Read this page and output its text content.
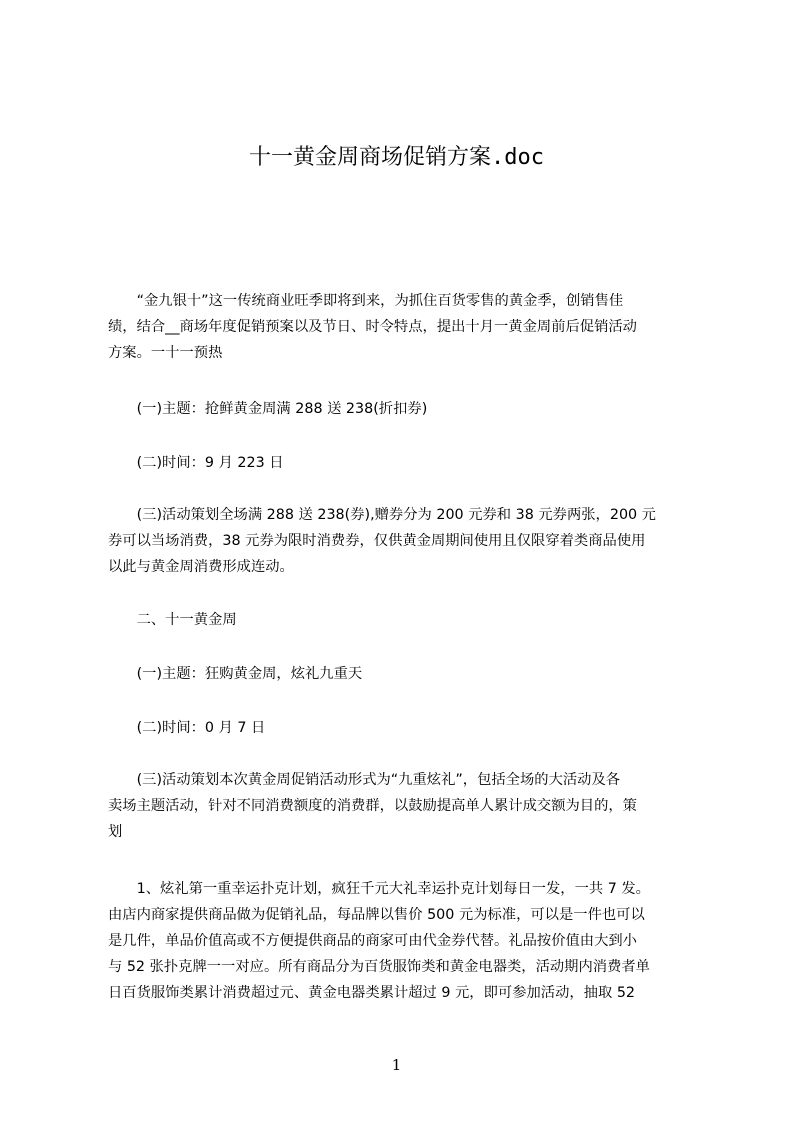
十一黄金周商场促销方案.doc
　　“金九银十”这一传统商业旺季即将到来，为抓住百货零售的黄金季，创销售佳
绩，结合__商场年度促销预案以及节日、时令特点，提出十月一黄金周前后促销活动
方案。一十一预热
　　(一)主题：抢鲜黄金周满 288 送 238(折扣券)
　　(二)时间：9 月 223 日
　　(三)活动策划全场满 288 送 238(券),赠券分为 200 元券和 38 元券两张，200 元
券可以当场消费，38 元券为限时消费券，仅供黄金周期间使用且仅限穿着类商品使用
以此与黄金周消费形成连动。
　　二、十一黄金周
　　(一)主题：狂购黄金周，炫礼九重天
　　(二)时间：0 月 7 日
　　(三)活动策划本次黄金周促销活动形式为“九重炫礼”，包括全场的大活动及各
卖场主题活动，针对不同消费额度的消费群，以鼓励提高单人累计成交额为目的，策
划
　　1、炫礼第一重幸运扑克计划，疯狂千元大礼幸运扑克计划每日一发，一共 7 发。
由店内商家提供商品做为促销礼品，每品牌以售价 500 元为标准，可以是一件也可以
是几件，单品价值高或不方便提供商品的商家可由代金券代替。礼品按价值由大到小
与 52 张扑克牌一一对应。所有商品分为百货服饰类和黄金电器类，活动期内消费者单
日百货服饰类累计消费超过元、黄金电器类累计超过 9 元，即可参加活动，抽取 52
1
